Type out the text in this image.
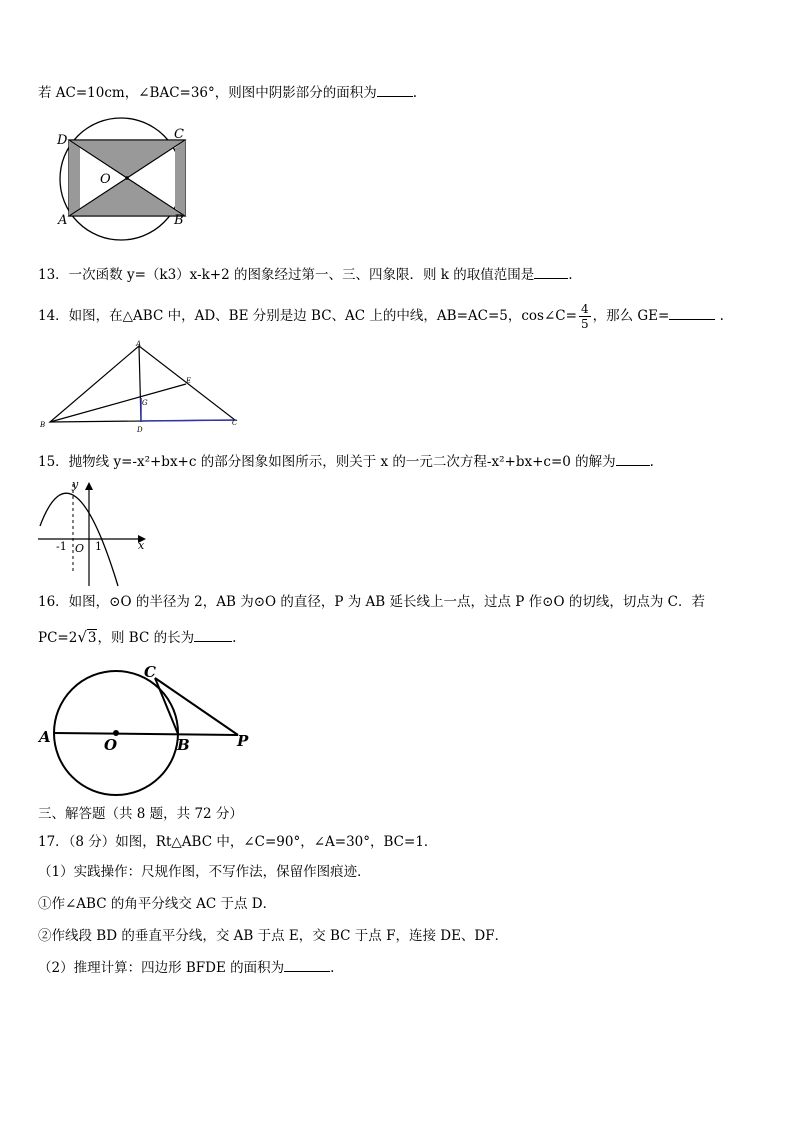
若 AC=10cm，∠BAC=36°，则图中阴影部分的面积为	.
D	C
O
A	B
13．一次函数 y=（k3）x-k+2 的图象经过第一、三、四象限．则 k 的取值范围是	.
14．如图，在△ABC 中，AD、BE 分别是边 BC、AC 上的中线，AB=AC=5，cos∠C= $\frac{4}{5}$ ，那么 GE=	.
A
B	C
D
E
G
15．抛物线 y=-x²+bx+c 的部分图象如图所示，则关于 x 的一元二次方程-x²+bx+c=0 的解为	.
y
x
O
-1	1
16．如图，⊙O 的半径为 2，AB 为⊙O 的直径，P 为 AB 延长线上一点，过点 P 作⊙O 的切线，切点为 C．若
PC=2√3，则 BC 的长为	.
C
A	O	B	P
三、解答题（共 8 题，共 72 分）
17．（8 分）如图，Rt△ABC 中，∠C=90°，∠A=30°，BC=1．
（1）实践操作：尺规作图，不写作法，保留作图痕迹．
①作∠ABC 的角平分线交 AC 于点 D．
②作线段 BD 的垂直平分线，交 AB 于点 E，交 BC 于点 F，连接 DE、DF．
（2）推理计算：四边形 BFDE 的面积为	.
